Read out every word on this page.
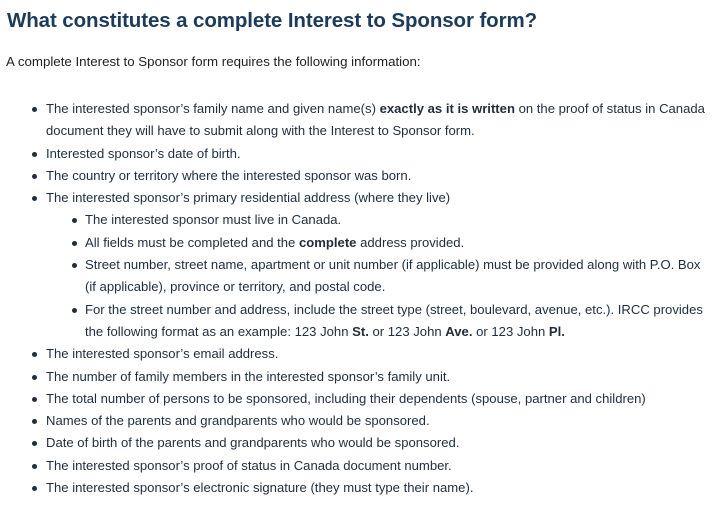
What constitutes a complete Interest to Sponsor form?

A complete Interest to Sponsor form requires the following information:

The interested sponsor’s family name and given name(s) exactly as it is written on the proof of status in Canada document they will have to submit along with the Interest to Sponsor form.
Interested sponsor’s date of birth.
The country or territory where the interested sponsor was born.
The interested sponsor’s primary residential address (where they live)
The interested sponsor must live in Canada.
All fields must be completed and the complete address provided.
Street number, street name, apartment or unit number (if applicable) must be provided along with P.O. Box (if applicable), province or territory, and postal code.
For the street number and address, include the street type (street, boulevard, avenue, etc.). IRCC provides the following format as an example: 123 John St. or 123 John Ave. or 123 John Pl.
The interested sponsor’s email address.
The number of family members in the interested sponsor’s family unit.
The total number of persons to be sponsored, including their dependents (spouse, partner and children)
Names of the parents and grandparents who would be sponsored.
Date of birth of the parents and grandparents who would be sponsored.
The interested sponsor’s proof of status in Canada document number.
The interested sponsor’s electronic signature (they must type their name).
